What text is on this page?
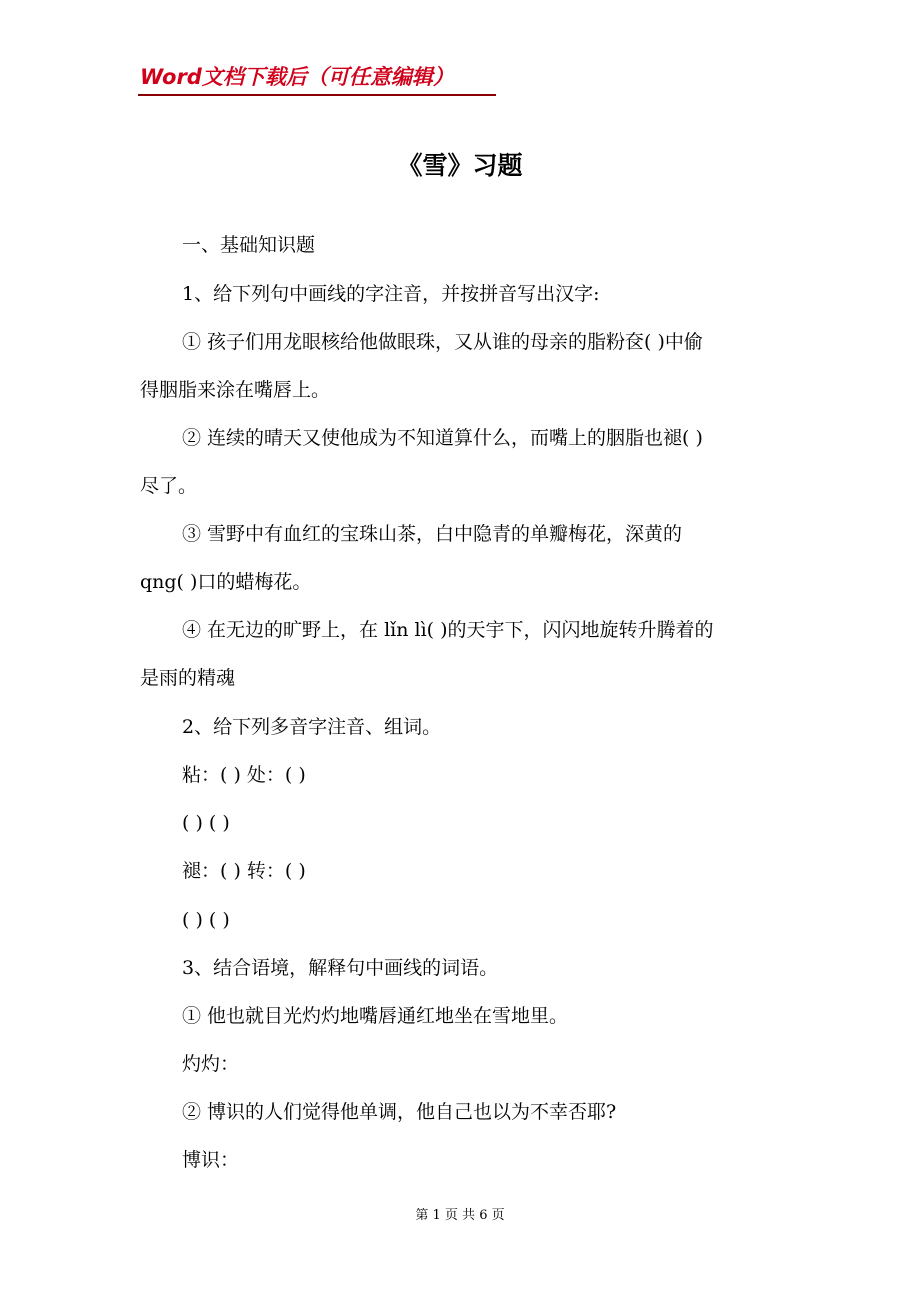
Word文档下载后（可任意编辑）
《雪》习题
一、基础知识题
1、给下列句中画线的字注音，并按拼音写出汉字:
① 孩子们用龙眼核给他做眼珠，又从谁的母亲的脂粉奁( )中偷
得胭脂来涂在嘴唇上。
② 连续的晴天又使他成为不知道算什么，而嘴上的胭脂也褪( )
尽了。
③ 雪野中有血红的宝珠山茶，白中隐青的单瓣梅花，深黄的
qng( )口的蜡梅花。
④ 在无边的旷野上，在 lǐn lì( )的天宇下，闪闪地旋转升腾着的
是雨的精魂
2、给下列多音字注音、组词。
粘：( ) 处：( )
( ) ( )
褪：( ) 转：( )
( ) ( )
3、结合语境，解释句中画线的词语。
① 他也就目光灼灼地嘴唇通红地坐在雪地里。
灼灼：
② 博识的人们觉得他单调，他自己也以为不幸否耶?
博识：
第 1 页 共 6 页
